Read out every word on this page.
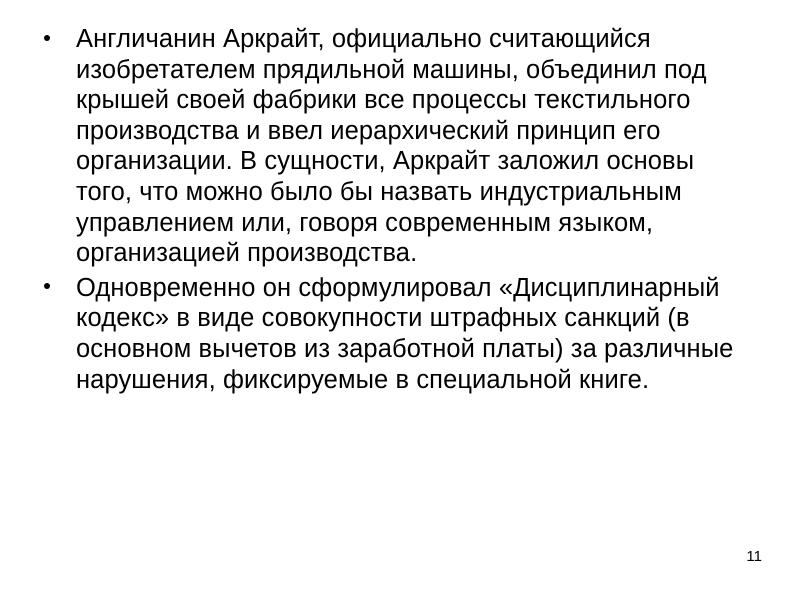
Англичанин Аркрайт, официально считающийся изобретателем прядильной машины, объединил под крышей своей фабрики все процессы текстильного производства и ввел иерархический принцип его организации. В сущности, Аркрайт заложил основы того, что можно было бы назвать индустриальным управлением или, говоря современным языком, организацией производства.
Одновременно он сформулировал «Дисциплинарный кодекс» в виде совокупности штрафных санкций (в основном вычетов из заработной платы) за различные нарушения, фиксируемые в специальной книге.
11
